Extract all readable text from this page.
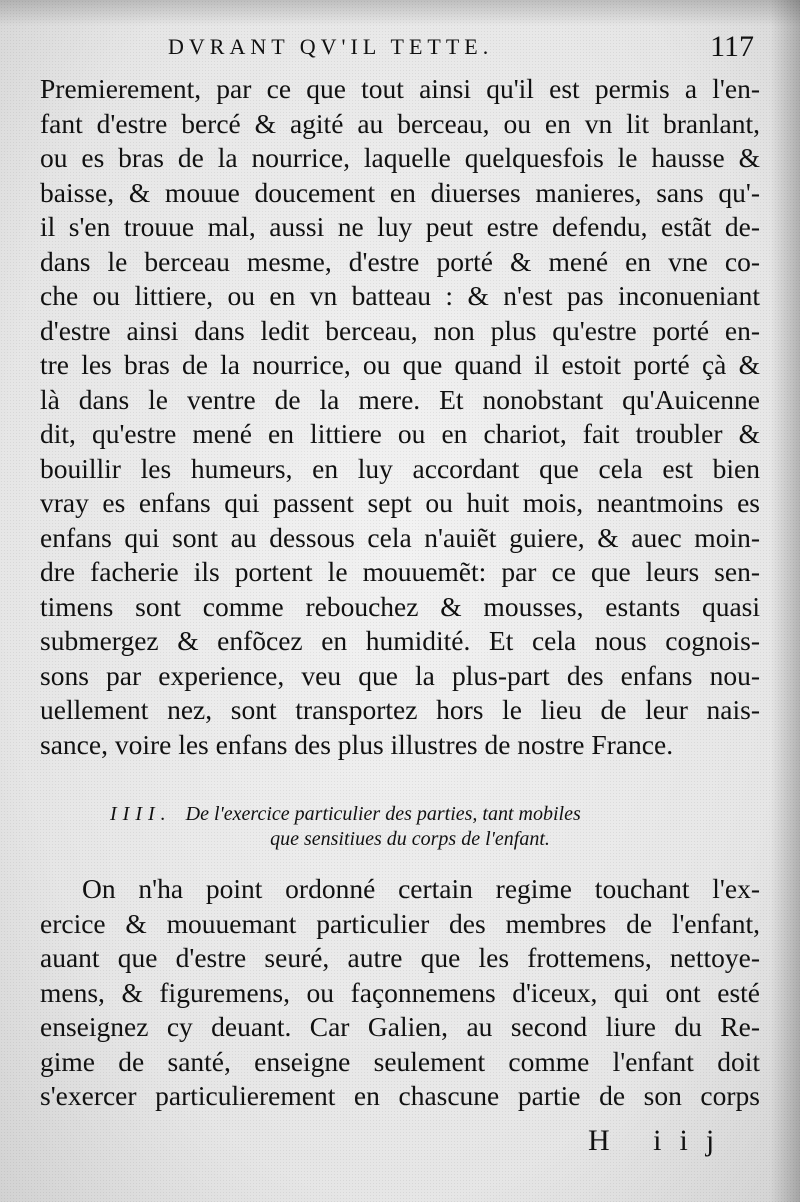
DVRANT QV'IL TETTE.	117
Premierement, par ce que tout ainsi qu'il est permis a l'en-
fant d'estre bercé & agité au berceau, ou en vn lit branlant,
ou es bras de la nourrice, laquelle quelquesfois le hausse &
baisse, & mouue doucement en diuerses manieres, sans qu'-
il s'en trouue mal, aussi ne luy peut estre defendu, estãt de-
dans le berceau mesme, d'estre porté & mené en vne co-
che ou littiere, ou en vn batteau : & n'est pas inconueniant
d'estre ainsi dans ledit berceau, non plus qu'estre porté en-
tre les bras de la nourrice, ou que quand il estoit porté çà &
là dans le ventre de la mere. Et nonobstant qu'Auicenne
dit, qu'estre mené en littiere ou en chariot, fait troubler &
bouillir les humeurs, en luy accordant que cela est bien
vray es enfans qui passent sept ou huit mois, neantmoins es
enfans qui sont au dessous cela n'auiẽt guiere, & auec moin-
dre facherie ils portent le mouuemẽt: par ce que leurs sen-
timens sont comme rebouchez & mousses, estants quasi
submergez & enfõcez en humidité. Et cela nous cognois-
sons par experience, veu que la plus-part des enfans nou-
uellement nez, sont transportez hors le lieu de leur nais-
sance, voire les enfans des plus illustres de nostre France.
IIII. De l'exercice particulier des parties, tant mobiles
que sensitiues du corps de l'enfant.
On n'ha point ordonné certain regime touchant l'ex-
ercice & mouuemant particulier des membres de l'enfant,
auant que d'estre seuré, autre que les frottemens, nettoye-
mens, & figuremens, ou façonnemens d'iceux, qui ont esté
enseignez cy deuant. Car Galien, au second liure du Re-
gime de santé, enseigne seulement comme l'enfant doit
s'exercer particulierement en chascune partie de son corps
H iij
